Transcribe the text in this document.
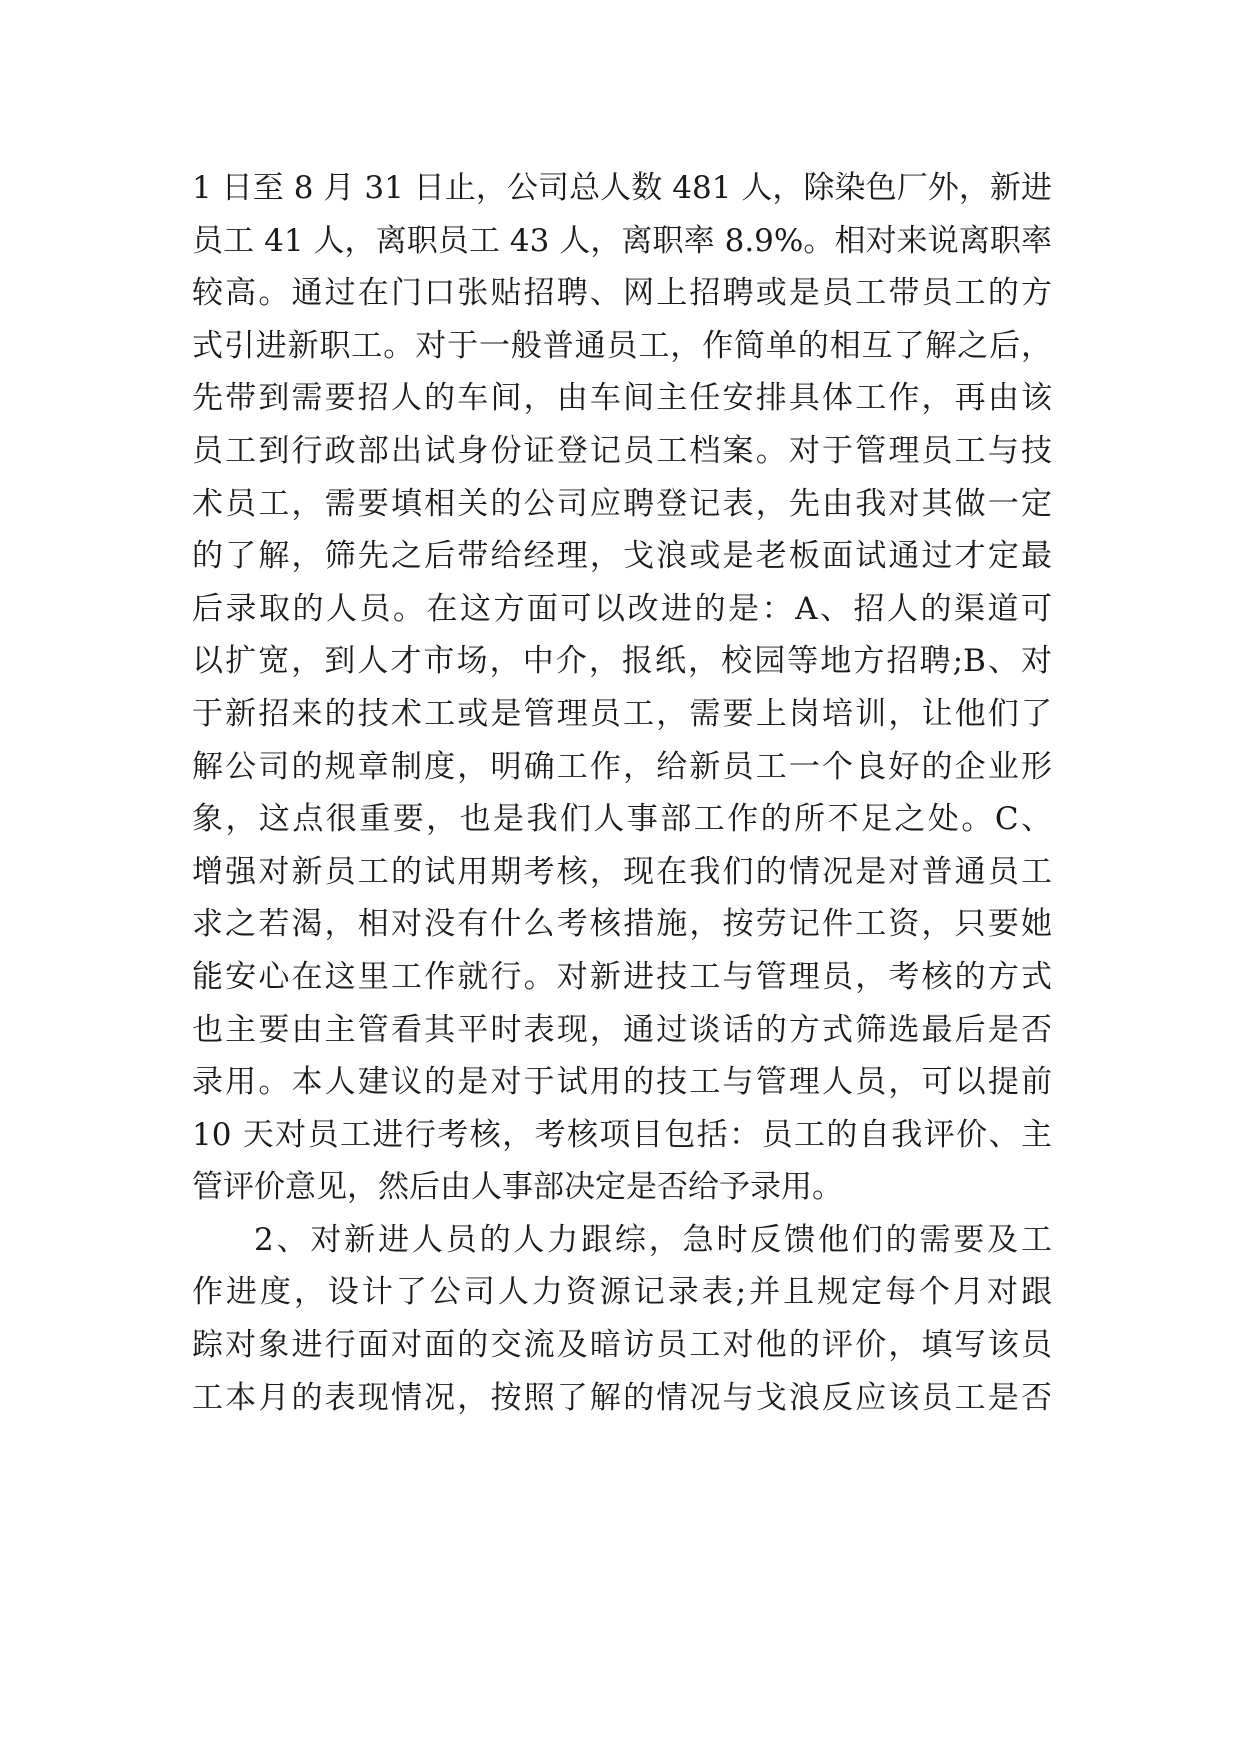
1 日至 8 月 31 日止，公司总人数 481 人，除染色厂外，新进
员工 41 人，离职员工 43 人，离职率 8.9%。相对来说离职率
较高。通过在门口张贴招聘、网上招聘或是员工带员工的方
式引进新职工。对于一般普通员工，作简单的相互了解之后，
先带到需要招人的车间，由车间主任安排具体工作，再由该
员工到行政部出试身份证登记员工档案。对于管理员工与技
术员工，需要填相关的公司应聘登记表，先由我对其做一定
的了解，筛先之后带给经理，戈浪或是老板面试通过才定最
后录取的人员。在这方面可以改进的是：A、招人的渠道可
以扩宽，到人才市场，中介，报纸，校园等地方招聘;B、对
于新招来的技术工或是管理员工，需要上岗培训，让他们了
解公司的规章制度，明确工作，给新员工一个良好的企业形
象，这点很重要，也是我们人事部工作的所不足之处。C、
增强对新员工的试用期考核，现在我们的情况是对普通员工
求之若渴，相对没有什么考核措施，按劳记件工资，只要她
能安心在这里工作就行。对新进技工与管理员，考核的方式
也主要由主管看其平时表现，通过谈话的方式筛选最后是否
录用。本人建议的是对于试用的技工与管理人员，可以提前
10 天对员工进行考核，考核项目包括：员工的自我评价、主
管评价意见，然后由人事部决定是否给予录用。
2、对新进人员的人力跟综，急时反馈他们的需要及工
作进度，设计了公司人力资源记录表;并且规定每个月对跟
踪对象进行面对面的交流及暗访员工对他的评价，填写该员
工本月的表现情况，按照了解的情况与戈浪反应该员工是否
